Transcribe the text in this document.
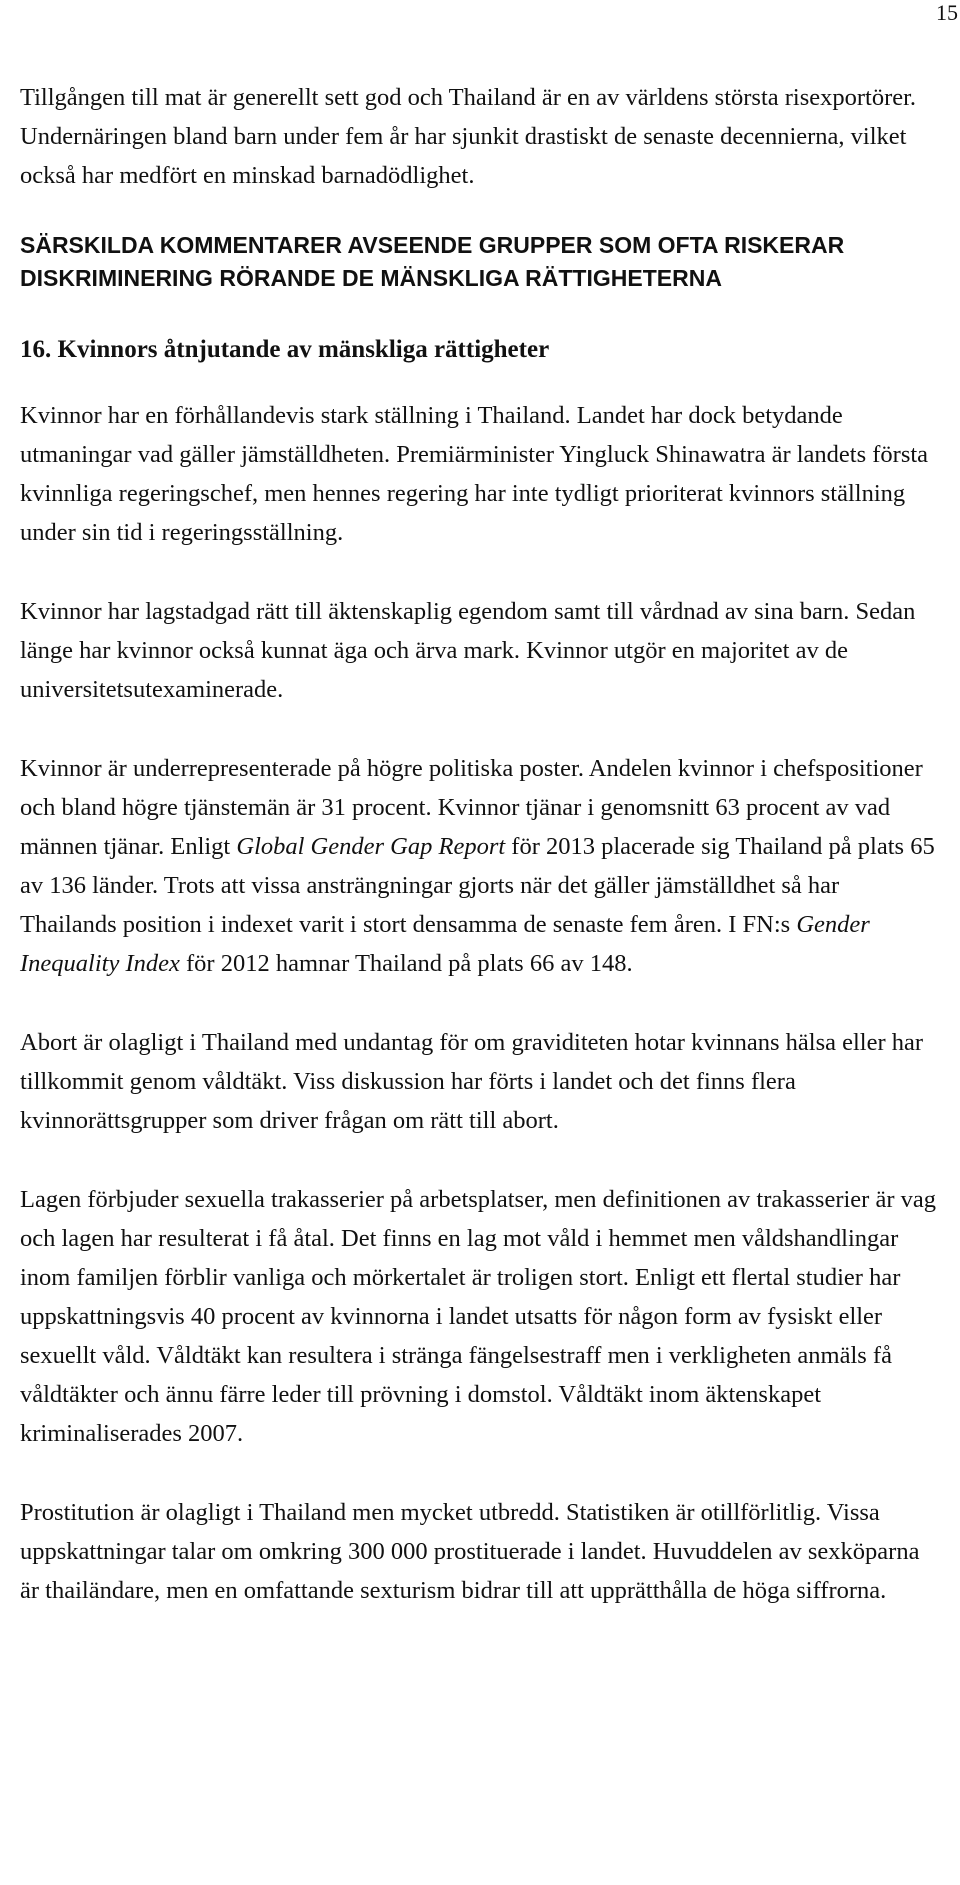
15

Tillgången till mat är generellt sett god och Thailand är en av världens största risexportörer. Undernäringen bland barn under fem år har sjunkit drastiskt de senaste decennierna, vilket också har medfört en minskad barnadödlighet.

SÄRSKILDA KOMMENTARER AVSEENDE GRUPPER SOM OFTA RISKERAR DISKRIMINERING RÖRANDE DE MÄNSKLIGA RÄTTIGHETERNA
16. Kvinnors åtnjutande av mänskliga rättigheter

Kvinnor har en förhållandevis stark ställning i Thailand. Landet har dock betydande utmaningar vad gäller jämställdheten. Premiärminister Yingluck Shinawatra är landets första kvinnliga regeringschef, men hennes regering har inte tydligt prioriterat kvinnors ställning under sin tid i regeringsställning.

Kvinnor har lagstadgad rätt till äktenskaplig egendom samt till vårdnad av sina barn. Sedan länge har kvinnor också kunnat äga och ärva mark. Kvinnor utgör en majoritet av de universitetsutexaminerade.

Kvinnor är underrepresenterade på högre politiska poster. Andelen kvinnor i chefspositioner och bland högre tjänstemän är 31 procent. Kvinnor tjänar i genomsnitt 63 procent av vad männen tjänar. Enligt Global Gender Gap Report för 2013 placerade sig Thailand på plats 65 av 136 länder. Trots att vissa ansträngningar gjorts när det gäller jämställdhet så har Thailands position i indexet varit i stort densamma de senaste fem åren. I FN:s Gender Inequality Index för 2012 hamnar Thailand på plats 66 av 148.

Abort är olagligt i Thailand med undantag för om graviditeten hotar kvinnans hälsa eller har tillkommit genom våldtäkt. Viss diskussion har förts i landet och det finns flera kvinnorättsgrupper som driver frågan om rätt till abort.

Lagen förbjuder sexuella trakasserier på arbetsplatser, men definitionen av trakasserier är vag och lagen har resulterat i få åtal. Det finns en lag mot våld i hemmet men våldshandlingar inom familjen förblir vanliga och mörkertalet är troligen stort. Enligt ett flertal studier har uppskattningsvis 40 procent av kvinnorna i landet utsatts för någon form av fysiskt eller sexuellt våld. Våldtäkt kan resultera i stränga fängelsestraff men i verkligheten anmäls få våldtäkter och ännu färre leder till prövning i domstol. Våldtäkt inom äktenskapet kriminaliserades 2007.

Prostitution är olagligt i Thailand men mycket utbredd. Statistiken är otillförlitlig. Vissa uppskattningar talar om omkring 300 000 prostituerade i landet. Huvuddelen av sexköparna är thailändare, men en omfattande sexturism bidrar till att upprätthålla de höga siffrorna.
